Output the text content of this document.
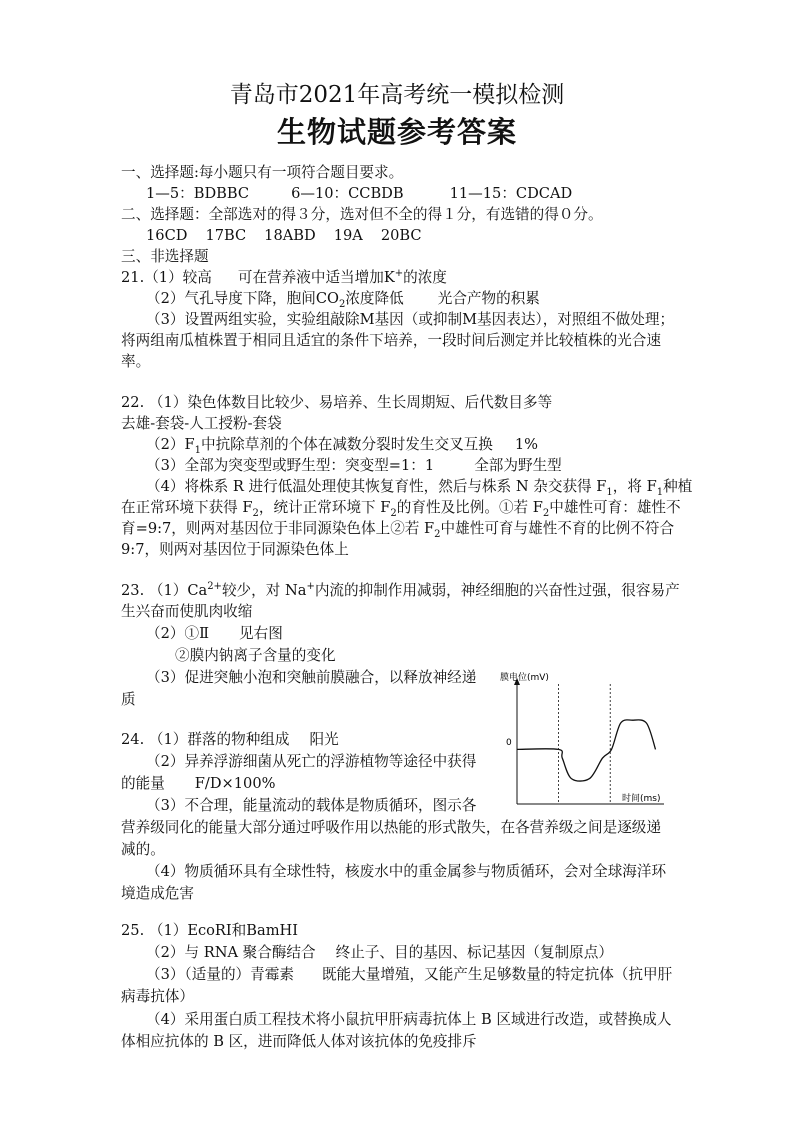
青岛市2021年高考统一模拟检测
生物试题参考答案
一、选择题:每小题只有一项符合题目要求。
1—5：BDBBC	6—10：CCBDB	11—15：CDCAD
二、选择题：全部选对的得３分，选对但不全的得１分，有选错的得０分。
16CD 17BC 18ABD 19A 20BC
三、非选择题
21.（1）较高 可在营养液中适当增加K+的浓度
（2）气孔导度下降，胞间$CO_2$浓度降低 光合产物的积累
（3）设置两组实验，实验组敲除M基因（或抑制M基因表达），对照组不做处理；
将两组南瓜植株置于相同且适宜的条件下培养，一段时间后测定并比较植株的光合速
率。
22. （1）染色体数目比较少、易培养、生长周期短、后代数目多等
去雄-套袋-人工授粉-套袋
$(2)F_1$中抗除草剂的个体在减数分裂时发生交叉互换 1%
（3）全部为突变型或野生型：突变型=1：1	全部为野生型
（4）将株系 R 进行低温处理使其恢复育性，然后与株系 N 杂交获得 $F_1$，将 $F_1$种植
在正常环境下获得 $F_2$，统计正常环境下 $F_2$的育性及比例。①若 $F_2$中雄性可育：雄性不
育=9:7，则两对基因位于非同源染色体上②若 $F_2$中雄性可育与雄性不育的比例不符合
9:7，则两对基因位于同源染色体上
23. $(1)Ca^{2+}$较少，对 Na+内流的抑制作用减弱，神经细胞的兴奋性过强，很容易产
生兴奋而使肌肉收缩
（2）①Ⅱ 见右图
②膜内钠离子含量的变化
（3）促进突触小泡和突触前膜融合，以释放神经递
质
24. （1）群落的物种组成 阳光
（2）异养浮游细菌从死亡的浮游植物等途径中获得
的能量 F/D×100%
（3）不合理，能量流动的载体是物质循环，图示各
营养级同化的能量大部分通过呼吸作用以热能的形式散失，在各营养级之间是逐级递
减的。
（4）物质循环具有全球性特，核废水中的重金属参与物质循环，会对全球海洋环
境造成危害
25. （1）EcoRⅠ和BamHⅠ
（2）与 RNA 聚合酶结合 终止子、目的基因、标记基因（复制原点）
（3）（适量的）青霉素 既能大量增殖，又能产生足够数量的特定抗体（抗甲肝
病毒抗体）
（4）采用蛋白质工程技术将小鼠抗甲肝病毒抗体上 B 区域进行改造，或替换成人
体相应抗体的 B 区，进而降低人体对该抗体的免疫排斥
膜电位(mV)
时间(ms)
0
